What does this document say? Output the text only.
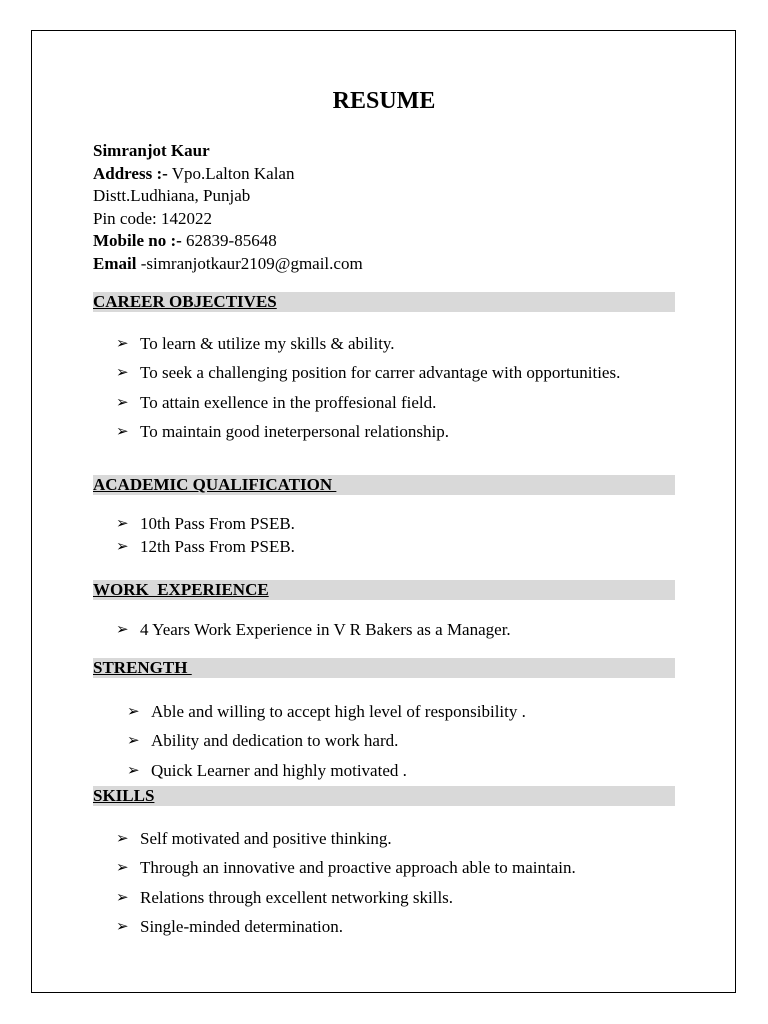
RESUME
Simranjot Kaur
Address :- Vpo.Lalton Kalan
Distt.Ludhiana, Punjab
Pin code: 142022
Mobile no :- 62839-85648
Email -simranjotkaur2109@gmail.com
CAREER OBJECTIVES
➢ To learn & utilize my skills & ability.
➢ To seek a challenging position for carrer advantage with opportunities.
➢ To attain exellence in the proffesional field.
➢ To maintain good ineterpersonal relationship.
ACADEMIC QUALIFICATION
➢ 10th Pass From PSEB.
➢ 12th Pass From PSEB.
WORK  EXPERIENCE
➢ 4 Years Work Experience in V R Bakers as a Manager.
STRENGTH
➢ Able and willing to accept high level of responsibility .
➢ Ability and dedication to work hard.
➢ Quick Learner and highly motivated .
SKILLS
➢ Self motivated and positive thinking.
➢ Through an innovative and proactive approach able to maintain.
➢ Relations through excellent networking skills.
➢ Single-minded determination.
